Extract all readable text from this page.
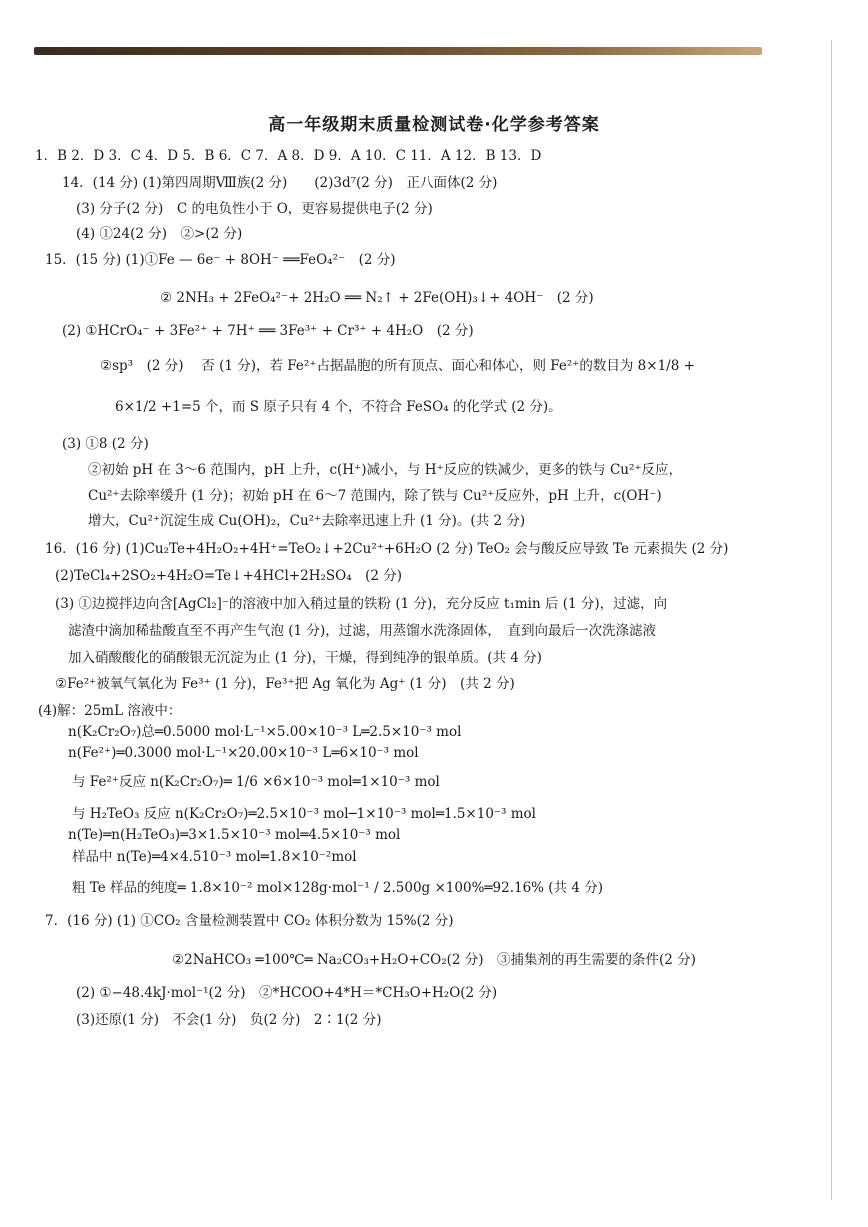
高一年级期末质量检测试卷·化学参考答案
1．B 2．D 3．C 4．D 5．B 6．C 7．A 8．D 9．A 10．C 11．A 12．B 13．D
14．(14 分) (1)第四周期Ⅷ族(2 分)　　(2)3d⁷(2 分)　正八面体(2 分)
(3) 分子(2 分)　C 的电负性小于 O，更容易提供电子(2 分)
(4) ①24(2 分)　②>(2 分)
15．(15 分) (1)①Fe — 6e⁻ + 8OH⁻ ══FeO₄²⁻　(2 分)
② 2NH₃ + 2FeO₄²⁻+ 2H₂O ══ N₂↑ + 2Fe(OH)₃↓+ 4OH⁻　(2 分)
(2) ①HCrO₄⁻ + 3Fe²⁺ + 7H⁺ ══ 3Fe³⁺ + Cr³⁺ + 4H₂O　(2 分)
②sp³　(2 分)　 否 (1 分)，若 Fe²⁺占据晶胞的所有顶点、面心和体心，则 Fe²⁺的数目为 8×1/8 +
6×1/2 +1=5 个，而 S 原子只有 4 个，不符合 FeSO₄ 的化学式 (2 分)。
(3) ①8 (2 分)
②初始 pH 在 3～6 范围内，pH 上升，c(H⁺)减小，与 H⁺反应的铁减少，更多的铁与 Cu²⁺反应，
Cu²⁺去除率缓升 (1 分)；初始 pH 在 6～7 范围内，除了铁与 Cu²⁺反应外，pH 上升，c(OH⁻)
增大，Cu²⁺沉淀生成 Cu(OH)₂，Cu²⁺去除率迅速上升 (1 分)。(共 2 分)
16．(16 分) (1)Cu₂Te+4H₂O₂+4H⁺=TeO₂↓+2Cu²⁺+6H₂O (2 分) TeO₂ 会与酸反应导致 Te 元素损失 (2 分)
(2)TeCl₄+2SO₂+4H₂O=Te↓+4HCl+2H₂SO₄　(2 分)
(3) ①边搅拌边向含[AgCl₂]⁻的溶液中加入稍过量的铁粉 (1 分)，充分反应 t₁min 后 (1 分)，过滤，向
滤渣中滴加稀盐酸直至不再产生气泡 (1 分)，过滤，用蒸馏水洗涤固体，　直到向最后一次洗涤滤液
加入硝酸酸化的硝酸银无沉淀为止 (1 分)，干燥，得到纯净的银单质。(共 4 分)
②Fe²⁺被氧气氧化为 Fe³⁺ (1 分)，Fe³⁺把 Ag 氧化为 Ag⁺ (1 分)　(共 2 分)
(4)解：25mL 溶液中：
n(K₂Cr₂O₇)总═0.5000 mol·L⁻¹×5.00×10⁻³ L═2.5×10⁻³ mol
n(Fe²⁺)═0.3000 mol·L⁻¹×20.00×10⁻³ L═6×10⁻³ mol
与 Fe²⁺反应 n(K₂Cr₂O₇)═ 1/6 ×6×10⁻³ mol═1×10⁻³ mol
与 H₂TeO₃ 反应 n(K₂Cr₂O₇)═2.5×10⁻³ mol─1×10⁻³ mol═1.5×10⁻³ mol
n(Te)═n(H₂TeO₃)═3×1.5×10⁻³ mol═4.5×10⁻³ mol
样品中 n(Te)═4×4.510⁻³ mol═1.8×10⁻²mol
粗 Te 样品的纯度═ 1.8×10⁻² mol×128g·mol⁻¹ / 2.500g ×100%═92.16% (共 4 分)
7．(16 分) (1) ①CO₂ 含量检测装置中 CO₂ 体积分数为 15%(2 分)
②2NaHCO₃ ═100℃═ Na₂CO₃+H₂O+CO₂(2 分)　③捕集剂的再生需要的条件(2 分)
(2) ①−48.4kJ·mol⁻¹(2 分)　②*HCOO+4*H＝*CH₃O+H₂O(2 分)
(3)还原(1 分)　不会(1 分)　负(2 分)　2∶1(2 分)
